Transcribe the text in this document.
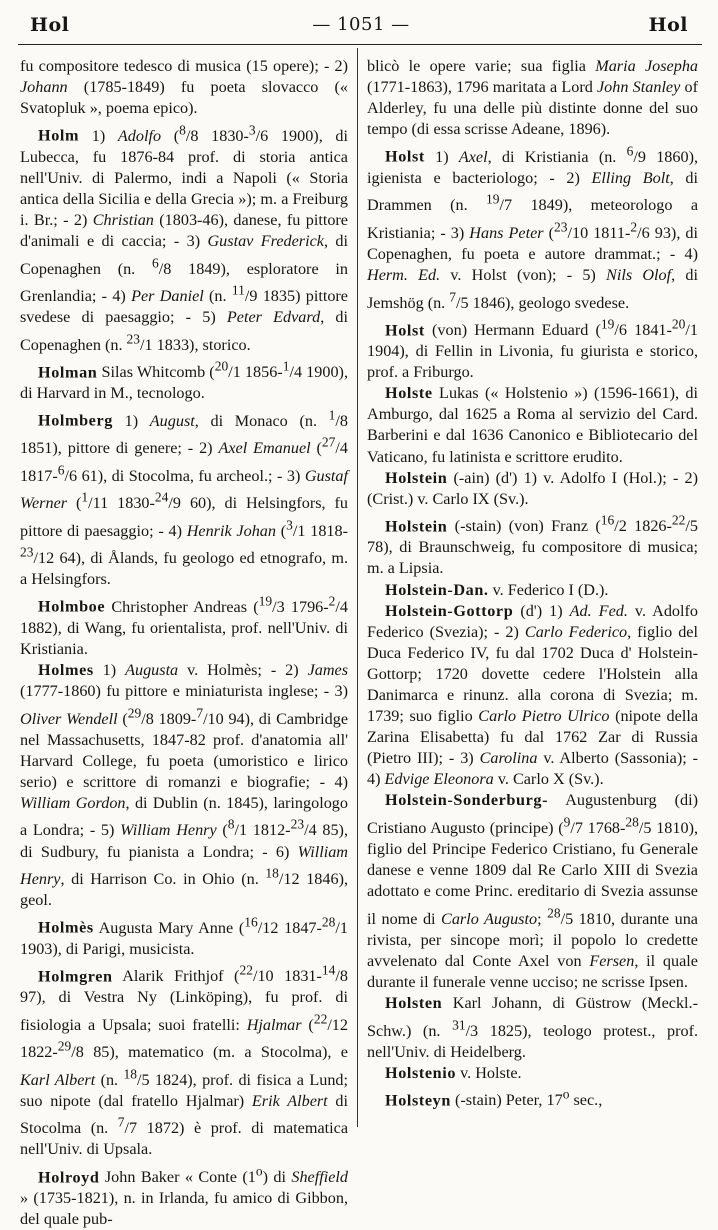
Hol	— 1051 —	Hol
fu compositore tedesco di musica (15 opere); - 2) Johann (1785-1849) fu poeta slovacco (« Svatopluk », poema epico).
Holm 1) Adolfo ($^8$/8 1830-$^3$/6 1900), di Lubecca, fu 1876-84 prof. di storia antica nell'Univ. di Palermo, indi a Napoli (« Storia antica della Sicilia e della Grecia »); m. a Freiburg i. Br.; - 2) Christian (1803-46), danese, fu pittore d'animali e di caccia; - 3) Gustav Frederick, di Copenaghen (n. $^6$/8 1849), esploratore in Grenlandia; - 4) Per Daniel (n. $^{11}$/9 1835) pittore svedese di paesaggio; - 5) Peter Edvard, di Copenaghen (n. $^{23}$/1 1833), storico.
Holman Silas Whitcomb ($^{20}$/1 1856-$^1$/4 1900), di Harvard in M., tecnologo.
Holmberg 1) August, di Monaco (n. $^1$/8 1851), pittore di genere; - 2) Axel Emanuel ($^{27}$/4 1817-$^6$/6 61), di Stocolma, fu archeol.; - 3) Gustaf Werner ($^1$/11 1830-$^{24}$/9 60), di Helsingfors, fu pittore di paesaggio; - 4) Henrik Johan ($^3$/1 1818-$^{23}$/12 64), di Ålands, fu geologo ed etnografo, m. a Helsingfors.
Holmboe Christopher Andreas ($^{19}$/3 1796-$^2$/4 1882), di Wang, fu orientalista, prof. nell'Univ. di Kristiania.
Holmes 1) Augusta v. Holmès; - 2) James (1777-1860) fu pittore e miniaturista inglese; - 3) Oliver Wendell ($^{29}$/8 1809-$^7$/10 94), di Cambridge nel Massachusetts, 1847-82 prof. d'anatomia all' Harvard College, fu poeta (umoristico e lirico serio) e scrittore di romanzi e biografie; - 4) William Gordon, di Dublin (n. 1845), laringologo a Londra; - 5) William Henry ($^8$/1 1812-$^{23}$/4 85), di Sudbury, fu pianista a Londra; - 6) William Henry, di Harrison Co. in Ohio (n. $^{18}$/12 1846), geol.
Holmès Augusta Mary Anne ($^{16}$/12 1847-$^{28}$/1 1903), di Parigi, musicista.
Holmgren Alarik Frithjof ($^{22}$/10 1831-$^{14}$/8 97), di Vestra Ny (Linköping), fu prof. di fisiologia a Upsala; suoi fratelli: Hjalmar ($^{22}$/12 1822-$^{29}$/8 85), matematico (m. a Stocolma), e Karl Albert (n. $^{18}$/5 1824), prof. di fisica a Lund; suo nipote (dal fratello Hjalmar) Erik Albert di Stocolma (n. $^7$/7 1872) è prof. di matematica nell'Univ. di Upsala.
Holroyd John Baker « Conte (1$^o$) di Sheffield » (1735-1821), n. in Irlanda, fu amico di Gibbon, del quale pub-
blicò le opere varie; sua figlia Maria Josepha (1771-1863), 1796 maritata a Lord John Stanley of Alderley, fu una delle più distinte donne del suo tempo (di essa scrisse Adeane, 1896).
Holst 1) Axel, di Kristiania (n. $^6$/9 1860), igienista e bacteriologo; - 2) Elling Bolt, di Drammen (n. $^{19}$/7 1849), meteorologo a Kristiania; - 3) Hans Peter ($^{23}$/10 1811-$^2$/6 93), di Copenaghen, fu poeta e autore drammat.; - 4) Herm. Ed. v. Holst (von); - 5) Nils Olof, di Jemshög (n. $^7$/5 1846), geologo svedese.
Holst (von) Hermann Eduard ($^{19}$/6 1841-$^{20}$/1 1904), di Fellin in Livonia, fu giurista e storico, prof. a Friburgo.
Holste Lukas (« Holstenio ») (1596-1661), di Amburgo, dal 1625 a Roma al servizio del Card. Barberini e dal 1636 Canonico e Bibliotecario del Vaticano, fu latinista e scrittore erudito.
Holstein (-ain) (d') 1) v. Adolfo I (Hol.); - 2) (Crist.) v. Carlo IX (Sv.).
Holstein (-stain) (von) Franz ($^{16}$/2 1826-$^{22}$/5 78), di Braunschweig, fu compositore di musica; m. a Lipsia.
Holstein-Dan. v. Federico I (D.).
Holstein-Gottorp (d') 1) Ad. Fed. v. Adolfo Federico (Svezia); - 2) Carlo Federico, figlio del Duca Federico IV, fu dal 1702 Duca d' Holstein-Gottorp; 1720 dovette cedere l'Holstein alla Danimarca e rinunz. alla corona di Svezia; m. 1739; suo figlio Carlo Pietro Ulrico (nipote della Zarina Elisabetta) fu dal 1762 Zar di Russia (Pietro III); - 3) Carolina v. Alberto (Sassonia); - 4) Edvige Eleonora v. Carlo X (Sv.).
Holstein-Sonderburg- Augustenburg (di) Cristiano Augusto (principe) ($^9$/7 1768-$^{28}$/5 1810), figlio del Principe Federico Cristiano, fu Generale danese e venne 1809 dal Re Carlo XIII di Svezia adottato e come Princ. ereditario di Svezia assunse il nome di Carlo Augusto; $^{28}$/5 1810, durante una rivista, per sincope morì; il popolo lo credette avvelenato dal Conte Axel von Fersen, il quale durante il funerale venne ucciso; ne scrisse Ipsen.
Holsten Karl Johann, di Güstrow (Meckl.-Schw.) (n. $^{31}$/3 1825), teologo protest., prof. nell'Univ. di Heidelberg.
Holstenio v. Holste.
Holsteyn (-stain) Peter, 17$^o$ sec.,
